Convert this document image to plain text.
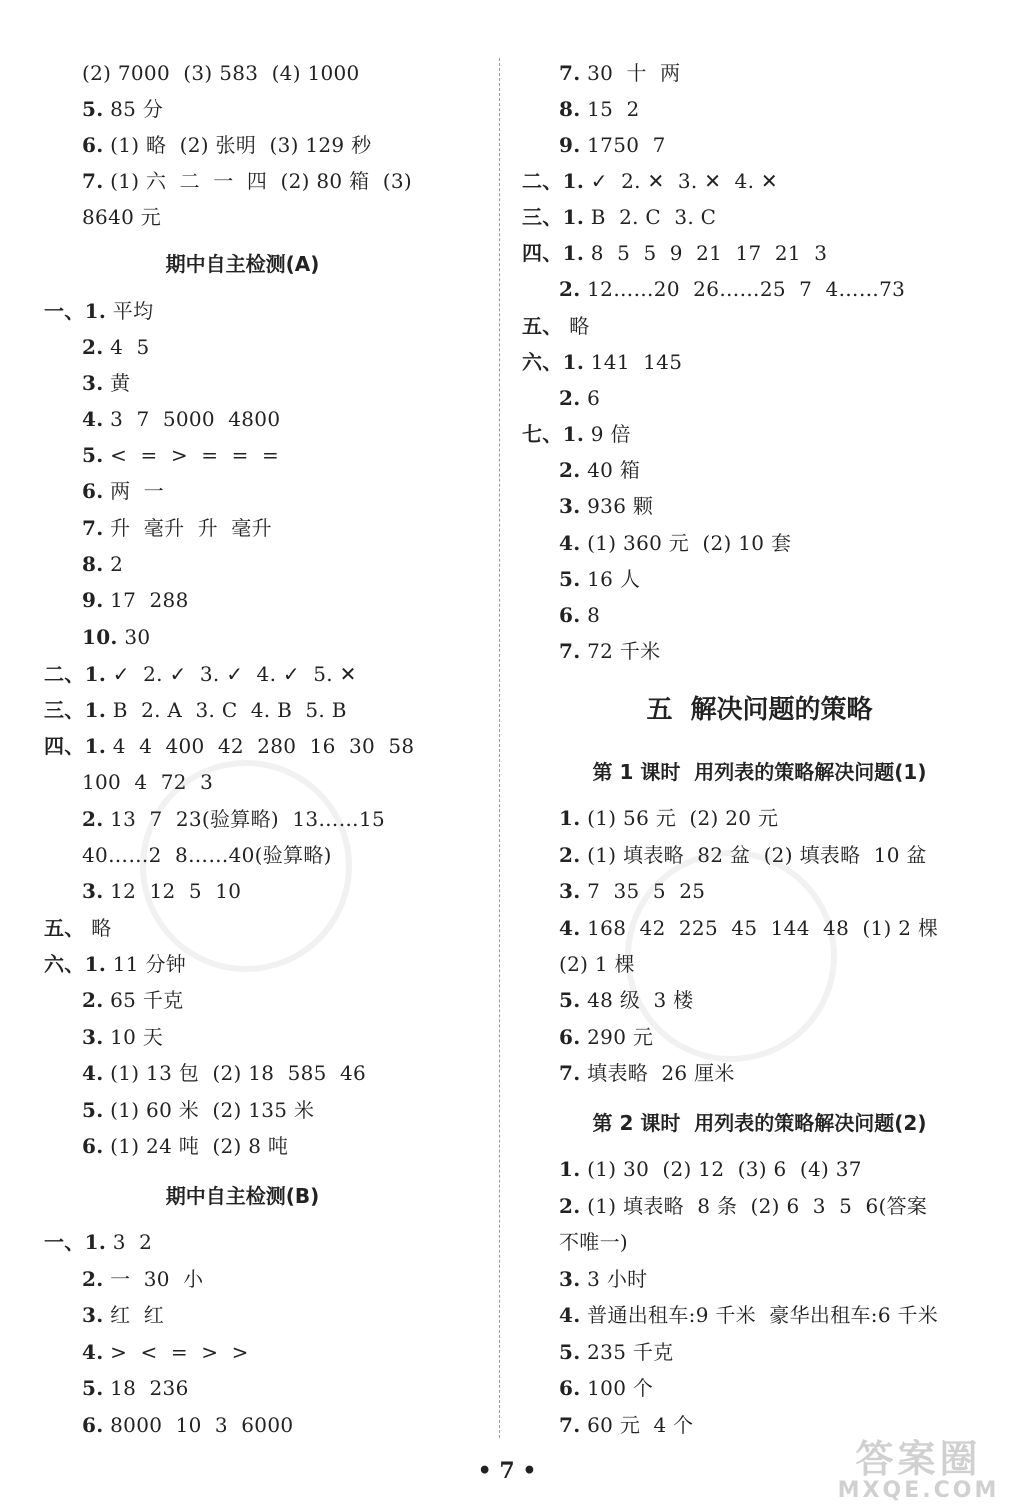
(2) 7000  (3) 583  (4) 1000
5. 85 分
6. (1) 略  (2) 张明  (3) 129 秒
7. (1) 六  二  一  四  (2) 80 箱  (3)
8640 元
期中自主检测(A)
一、1. 平均
2. 4  5
3. 黄
4. 3  7  5000  4800
5. <  =  >  =  =  =
6. 两  一
7. 升  毫升  升  毫升
8. 2
9. 17  288
10. 30
二、1. ✓  2. ✓  3. ✓  4. ✓  5. ✕
三、1. B  2. A  3. C  4. B  5. B
四、1. 4  4  400  42  280  16  30  58
100  4  72  3
2. 13  7  23(验算略)  13……15
40……2  8……40(验算略)
3. 12  12  5  10
五、 略
六、1. 11 分钟
2. 65 千克
3. 10 天
4. (1) 13 包  (2) 18  585  46
5. (1) 60 米  (2) 135 米
6. (1) 24 吨  (2) 8 吨
期中自主检测(B)
一、1. 3  2
2. 一  30  小
3. 红  红
4. >  <  =  >  >
5. 18  236
6. 8000  10  3  6000
7. 30  十  两
8. 15  2
9. 1750  7
二、1. ✓  2. ✕  3. ✕  4. ✕
三、1. B  2. C  3. C
四、1. 8  5  5  9  21  17  21  3
2. 12……20  26……25  7  4……73
五、 略
六、1. 141  145
2. 6
七、1. 9 倍
2. 40 箱
3. 936 颗
4. (1) 360 元  (2) 10 套
5. 16 人
6. 8
7. 72 千米
五  解决问题的策略
第 1 课时  用列表的策略解决问题(1)
1. (1) 56 元  (2) 20 元
2. (1) 填表略  82 盆  (2) 填表略  10 盆
3. 7  35  5  25
4. 168  42  225  45  144  48  (1) 2 棵
(2) 1 棵
5. 48 级  3 楼
6. 290 元
7. 填表略  26 厘米
第 2 课时  用列表的策略解决问题(2)
1. (1) 30  (2) 12  (3) 6  (4) 37
2. (1) 填表略  8 条  (2) 6  3  5  6(答案
不唯一)
3. 3 小时
4. 普通出租车:9 千米  豪华出租车:6 千米
5. 235 千克
6. 100 个
7. 60 元  4 个
• 7 •	答案圈
MXQE.COM
